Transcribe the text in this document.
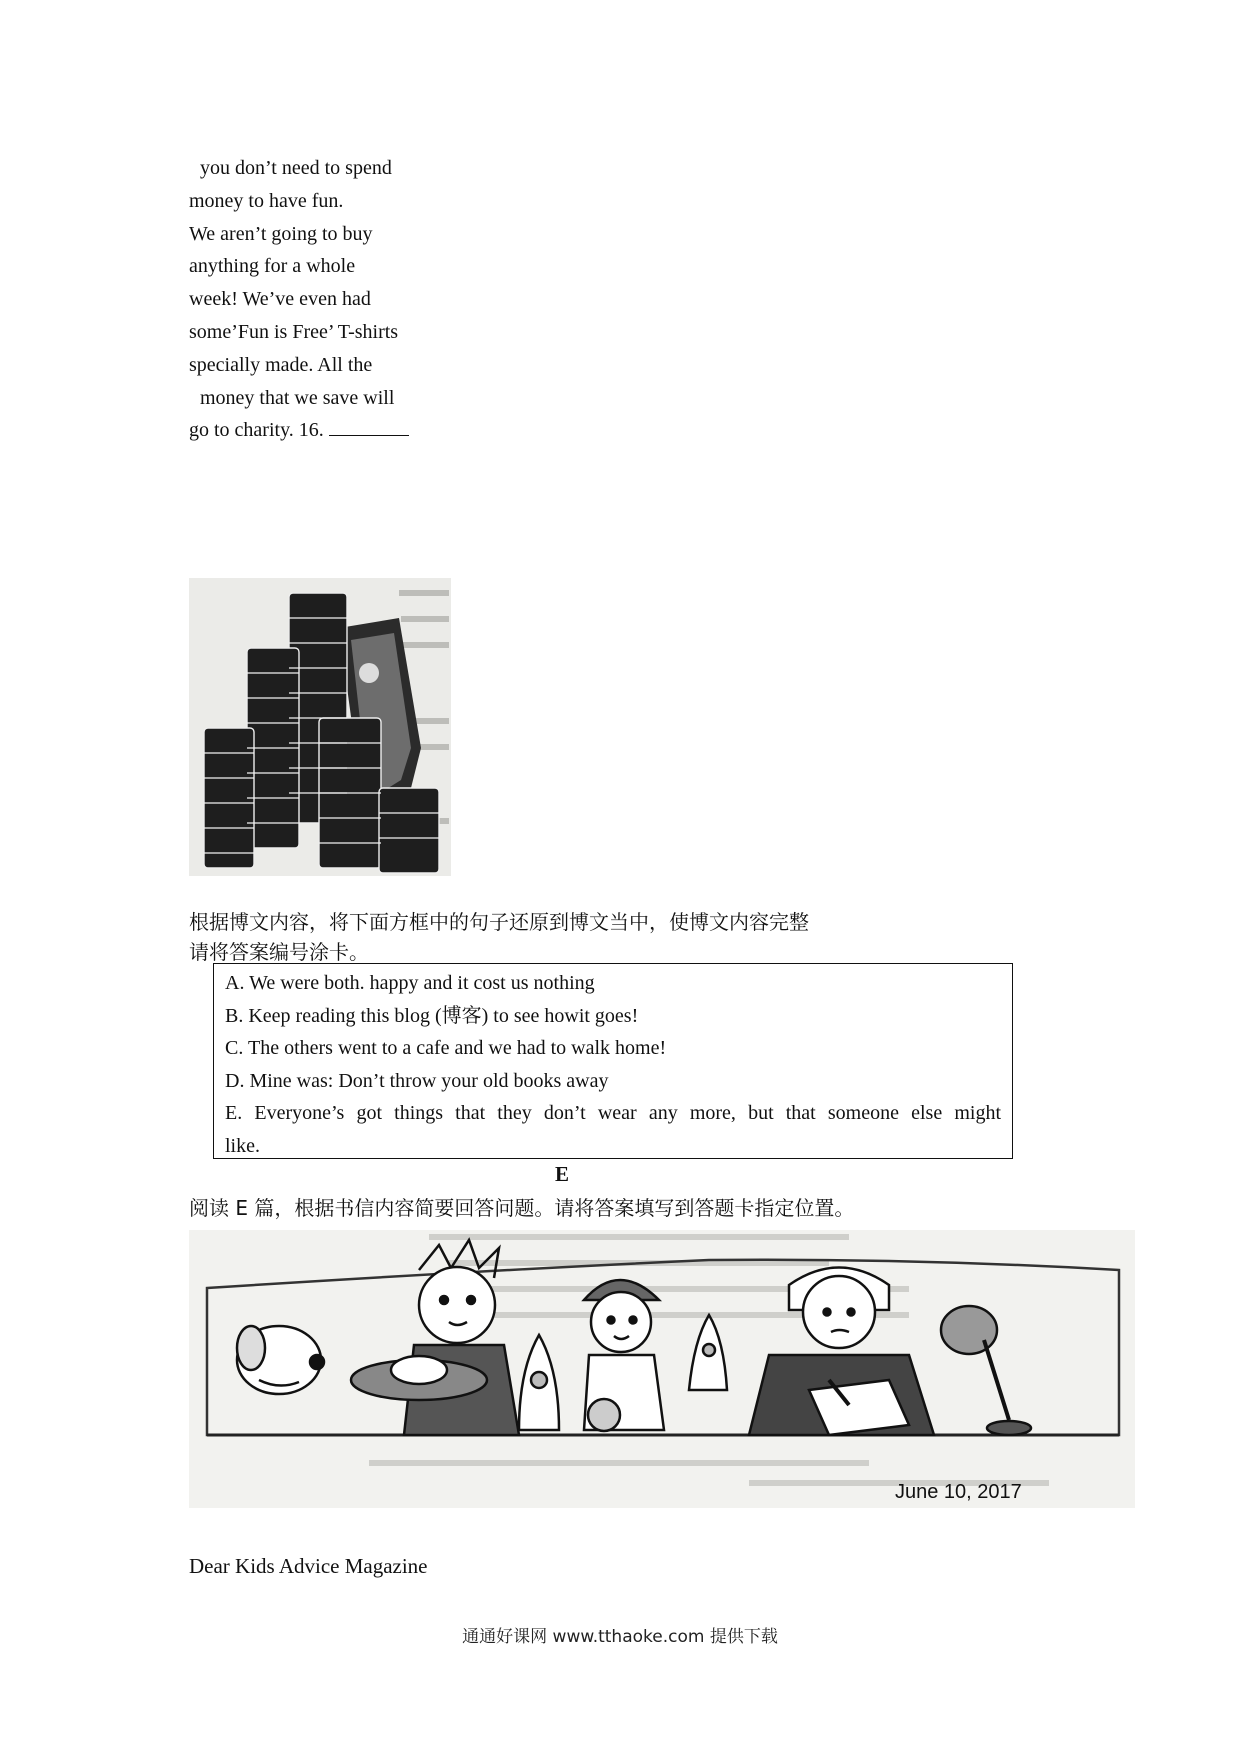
you don’t need to spend
money to have fun.
We aren’t going to buy
anything for a whole
week! We’ve even had
some’Fun is Free’ T-shirts
specially made. All the
money that we save will
go to charity. 16.
根据博文内容，将下面方框中的句子还原到博文当中，使博文内容完整
请将答案编号涂卡。
A. We were both. happy and it cost us nothing
B. Keep reading this blog (博客) to see howit goes!
C. The others went to a cafe and we had to walk home!
D. Mine was: Don’t throw your old books away
E. Everyone’s got things that they don’t wear any more, but that someone else might
like.
E
阅读 E 篇，根据书信内容简要回答问题。请将答案填写到答题卡指定位置。
June 10, 2017
Dear Kids Advice Magazine
通通好课网 www.tthaoke.com 提供下载
